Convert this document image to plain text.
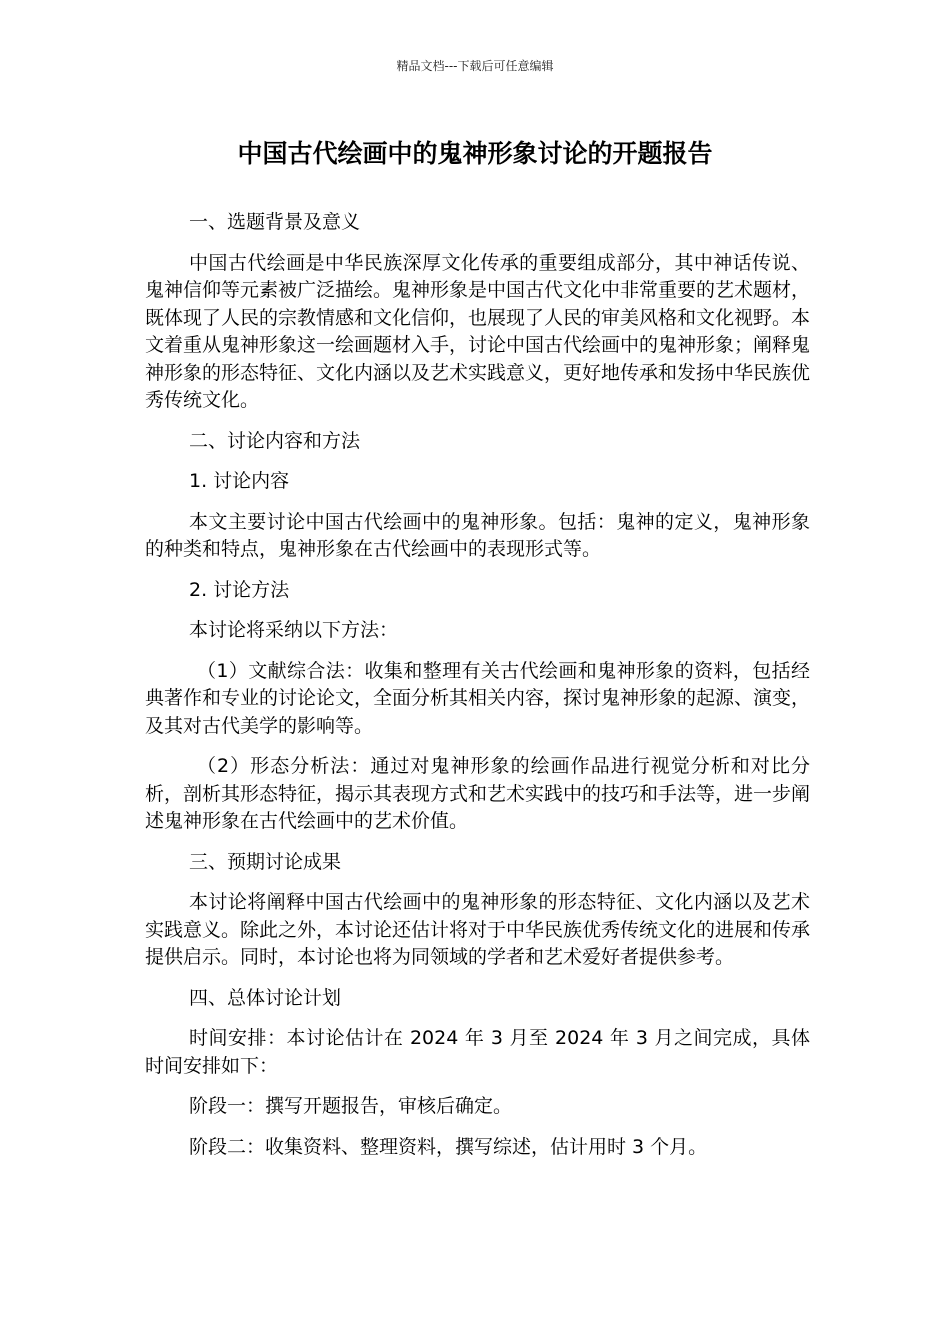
精品文档---下载后可任意编辑
中国古代绘画中的鬼神形象讨论的开题报告

一、选题背景及意义

中国古代绘画是中华民族深厚文化传承的重要组成部分，其中神话传说、鬼神信仰等元素被广泛描绘。鬼神形象是中国古代文化中非常重要的艺术题材，既体现了人民的宗教情感和文化信仰，也展现了人民的审美风格和文化视野。本文着重从鬼神形象这一绘画题材入手，讨论中国古代绘画中的鬼神形象；阐释鬼神形象的形态特征、文化内涵以及艺术实践意义，更好地传承和发扬中华民族优秀传统文化。

二、讨论内容和方法

1. 讨论内容

本文主要讨论中国古代绘画中的鬼神形象。包括：鬼神的定义，鬼神形象的种类和特点，鬼神形象在古代绘画中的表现形式等。

2. 讨论方法

本讨论将采纳以下方法：

（1）文献综合法：收集和整理有关古代绘画和鬼神形象的资料，包括经典著作和专业的讨论论文，全面分析其相关内容，探讨鬼神形象的起源、演变，及其对古代美学的影响等。

（2）形态分析法：通过对鬼神形象的绘画作品进行视觉分析和对比分析，剖析其形态特征，揭示其表现方式和艺术实践中的技巧和手法等，进一步阐述鬼神形象在古代绘画中的艺术价值。

三、预期讨论成果

本讨论将阐释中国古代绘画中的鬼神形象的形态特征、文化内涵以及艺术实践意义。除此之外，本讨论还估计将对于中华民族优秀传统文化的进展和传承提供启示。同时，本讨论也将为同领域的学者和艺术爱好者提供参考。

四、总体讨论计划

时间安排：本讨论估计在 2024 年 3 月至 2024 年 3 月之间完成，具体时间安排如下：

阶段一：撰写开题报告，审核后确定。

阶段二：收集资料、整理资料，撰写综述，估计用时 3 个月。
